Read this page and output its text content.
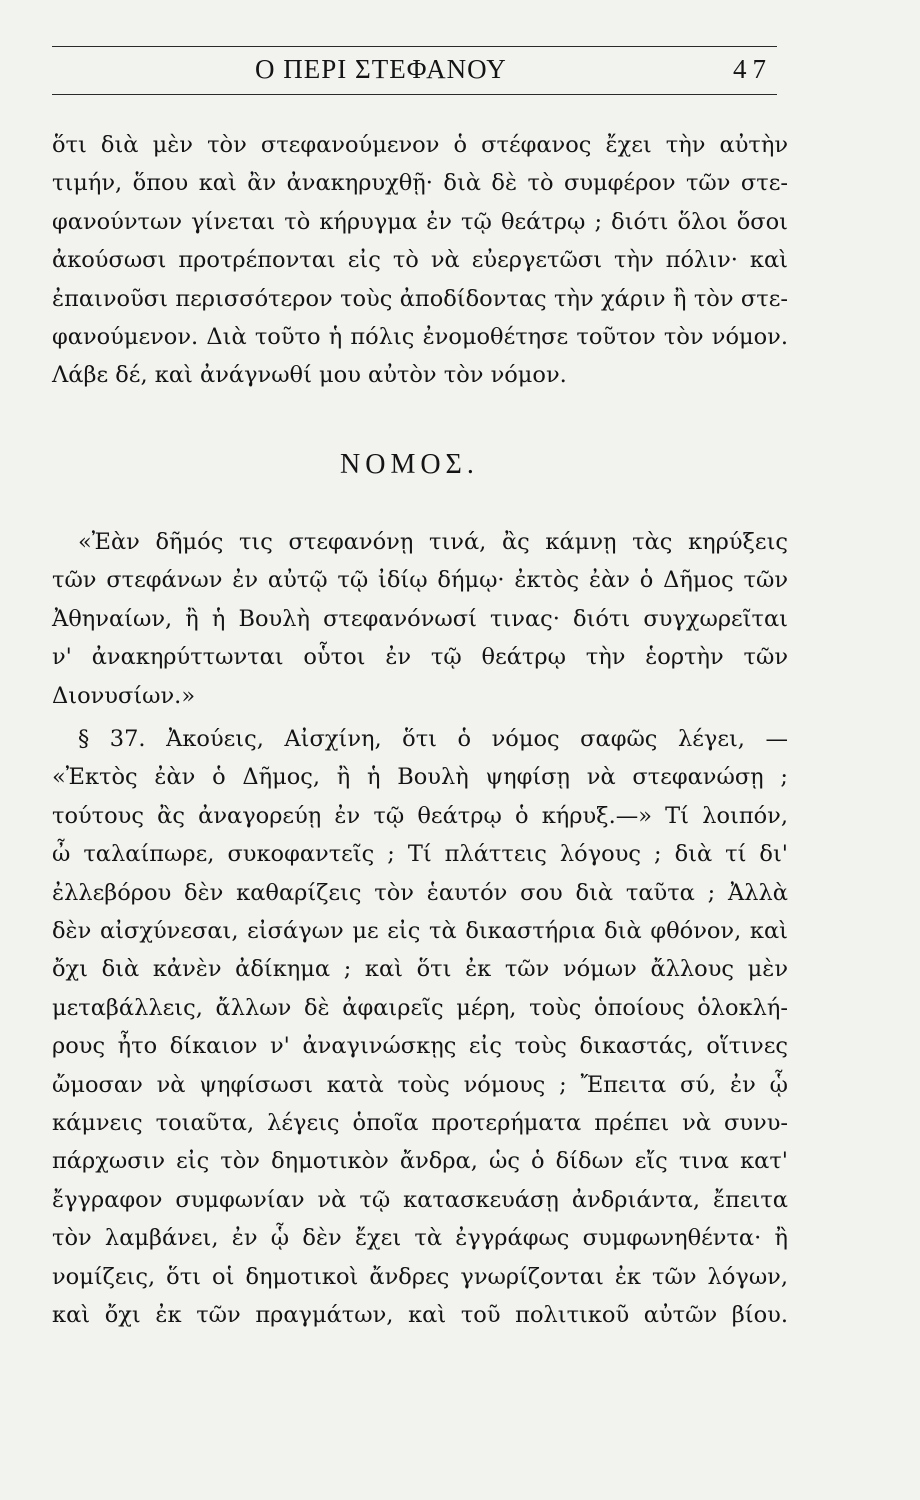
Ο ΠΕΡΙ ΣΤΕΦΑΝΟΥ	47
ὅτι διὰ μὲν τὸν στεφανούμενον ὁ στέφανος ἔχει τὴν αὐτὴν
τιμήν, ὅπου καὶ ἂν ἀνακηρυχθῇ· διὰ δὲ τὸ συμφέρον τῶν στε-
φανούντων γίνεται τὸ κήρυγμα ἐν τῷ θεάτρῳ ; διότι ὅλοι ὅσοι
ἀκούσωσι προτρέπονται εἰς τὸ νὰ εὐεργετῶσι τὴν πόλιν· καὶ
ἐπαινοῦσι περισσότερον τοὺς ἀποδίδοντας τὴν χάριν ἢ τὸν στε-
φανούμενον. Διὰ τοῦτο ἡ πόλις ἐνομοθέτησε τοῦτον τὸν νόμον.
Λάβε δέ, καὶ ἀνάγνωθί μου αὐτὸν τὸν νόμον.
ΝΟΜΟΣ.
«Ἐὰν δῆμός τις στεφανόνῃ τινά, ἂς κάμνῃ τὰς κηρύξεις
τῶν στεφάνων ἐν αὐτῷ τῷ ἰδίῳ δήμῳ· ἐκτὸς ἐὰν ὁ Δῆμος τῶν
Ἀθηναίων, ἢ ἡ Βουλὴ στεφανόνωσί τινας· διότι συγχωρεῖται
ν' ἀνακηρύττωνται οὗτοι ἐν τῷ θεάτρῳ τὴν ἑορτὴν τῶν
Διονυσίων.»
§ 37. Ἀκούεις, Αἰσχίνη, ὅτι ὁ νόμος σαφῶς λέγει, —
«Ἐκτὸς ἐὰν ὁ Δῆμος, ἢ ἡ Βουλὴ ψηφίσῃ νὰ στεφανώσῃ ;
τούτους ἂς ἀναγορεύῃ ἐν τῷ θεάτρῳ ὁ κήρυξ.—» Τί λοιπόν,
ὦ ταλαίπωρε, συκοφαντεῖς ; Τί πλάττεις λόγους ; διὰ τί δι'
ἐλλεβόρου δὲν καθαρίζεις τὸν ἑαυτόν σου διὰ ταῦτα ; Ἀλλὰ
δὲν αἰσχύνεσαι, εἰσάγων με εἰς τὰ δικαστήρια διὰ φθόνον, καὶ
ὄχι διὰ κἀνὲν ἀδίκημα ; καὶ ὅτι ἐκ τῶν νόμων ἄλλους μὲν
μεταβάλλεις, ἄλλων δὲ ἀφαιρεῖς μέρη, τοὺς ὁποίους ὁλοκλή-
ρους ἦτο δίκαιον ν' ἀναγινώσκῃς εἰς τοὺς δικαστάς, οἵτινες
ὤμοσαν νὰ ψηφίσωσι κατὰ τοὺς νόμους ; Ἔπειτα σύ, ἐν ᾧ
κάμνεις τοιαῦτα, λέγεις ὁποῖα προτερήματα πρέπει νὰ συνυ-
πάρχωσιν εἰς τὸν δημοτικὸν ἄνδρα, ὡς ὁ δίδων εἴς τινα κατ'
ἔγγραφον συμφωνίαν νὰ τῷ κατασκευάσῃ ἀνδριάντα, ἔπειτα
τὸν λαμβάνει, ἐν ᾧ δὲν ἔχει τὰ ἐγγράφως συμφωνηθέντα· ἢ
νομίζεις, ὅτι οἱ δημοτικοὶ ἄνδρες γνωρίζονται ἐκ τῶν λόγων,
καὶ ὄχι ἐκ τῶν πραγμάτων, καὶ τοῦ πολιτικοῦ αὐτῶν βίου.
